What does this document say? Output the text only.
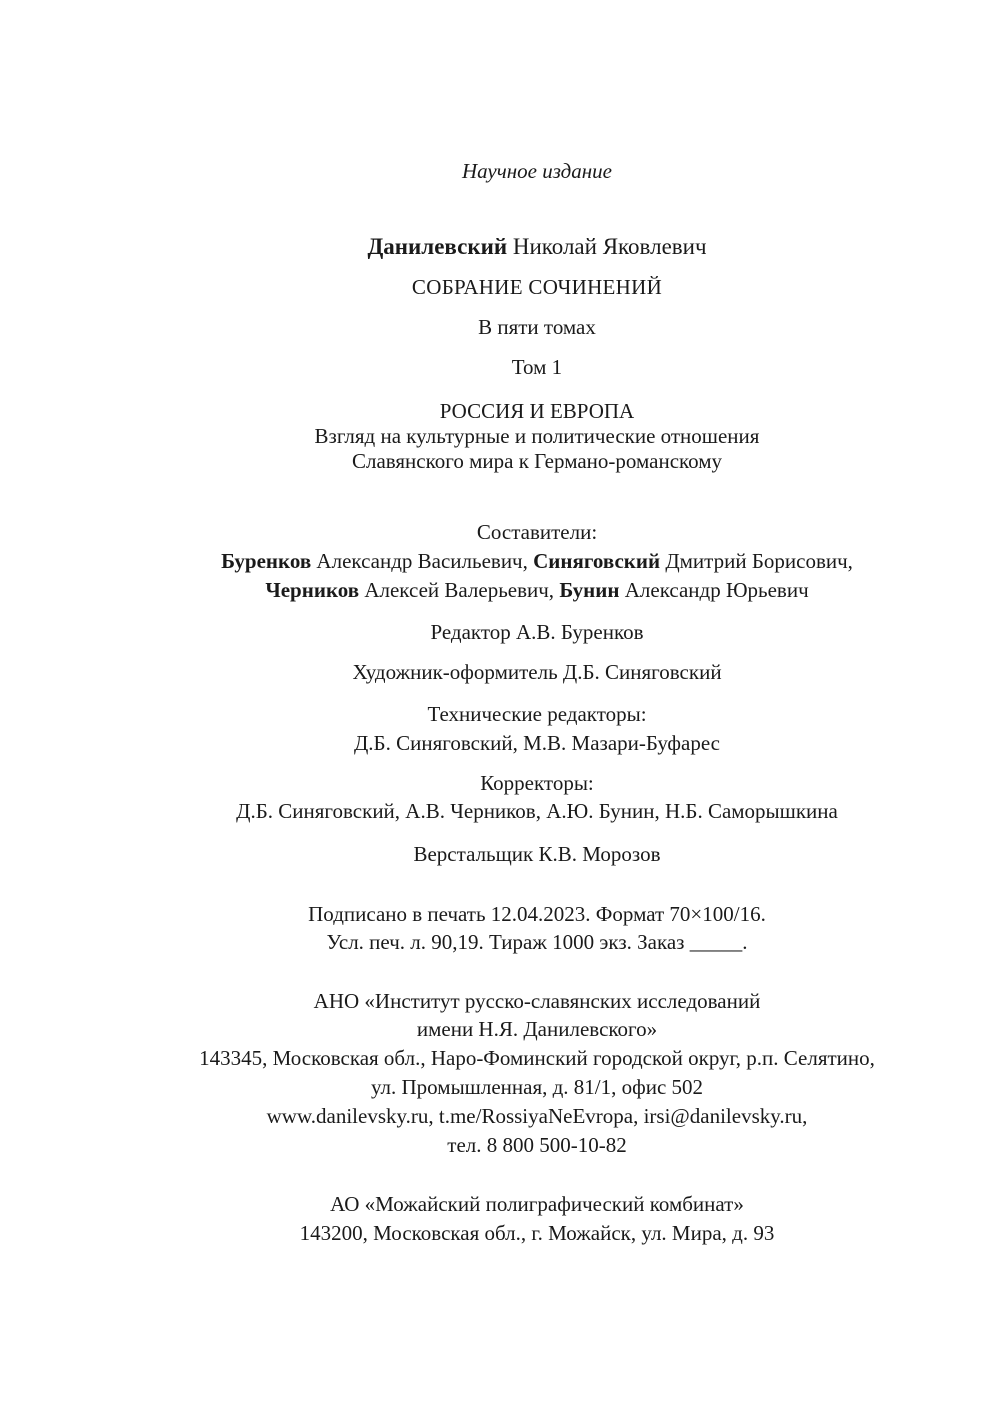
Научное издание
Данилевский Николай Яковлевич
СОБРАНИЕ СОЧИНЕНИЙ
В пяти томах
Том 1
РОССИЯ И ЕВРОПА
Взгляд на культурные и политические отношения
Славянского мира к Германо-романскому
Составители:
Буренков Александр Васильевич, Синяговский Дмитрий Борисович,
Черников Алексей Валерьевич, Бунин Александр Юрьевич
Редактор А.В. Буренков
Художник-оформитель Д.Б. Синяговский
Технические редакторы:
Д.Б. Синяговский, М.В. Мазари-Буфарес
Корректоры:
Д.Б. Синяговский, А.В. Черников, А.Ю. Бунин, Н.Б. Саморышкина
Верстальщик К.В. Морозов
Подписано в печать 12.04.2023. Формат 70×100/16.
Усл. печ. л. 90,19. Тираж 1000 экз. Заказ _____.
АНО «Институт русско-славянских исследований
имени Н.Я. Данилевского»
143345, Московская обл., Наро-Фоминский городской округ, р.п. Селятино,
ул. Промышленная, д. 81/1, офис 502
www.danilevsky.ru, t.me/RossiyaNeEvropa, irsi@danilevsky.ru,
тел. 8 800 500-10-82
АО «Можайский полиграфический комбинат»
143200, Московская обл., г. Можайск, ул. Мира, д. 93
